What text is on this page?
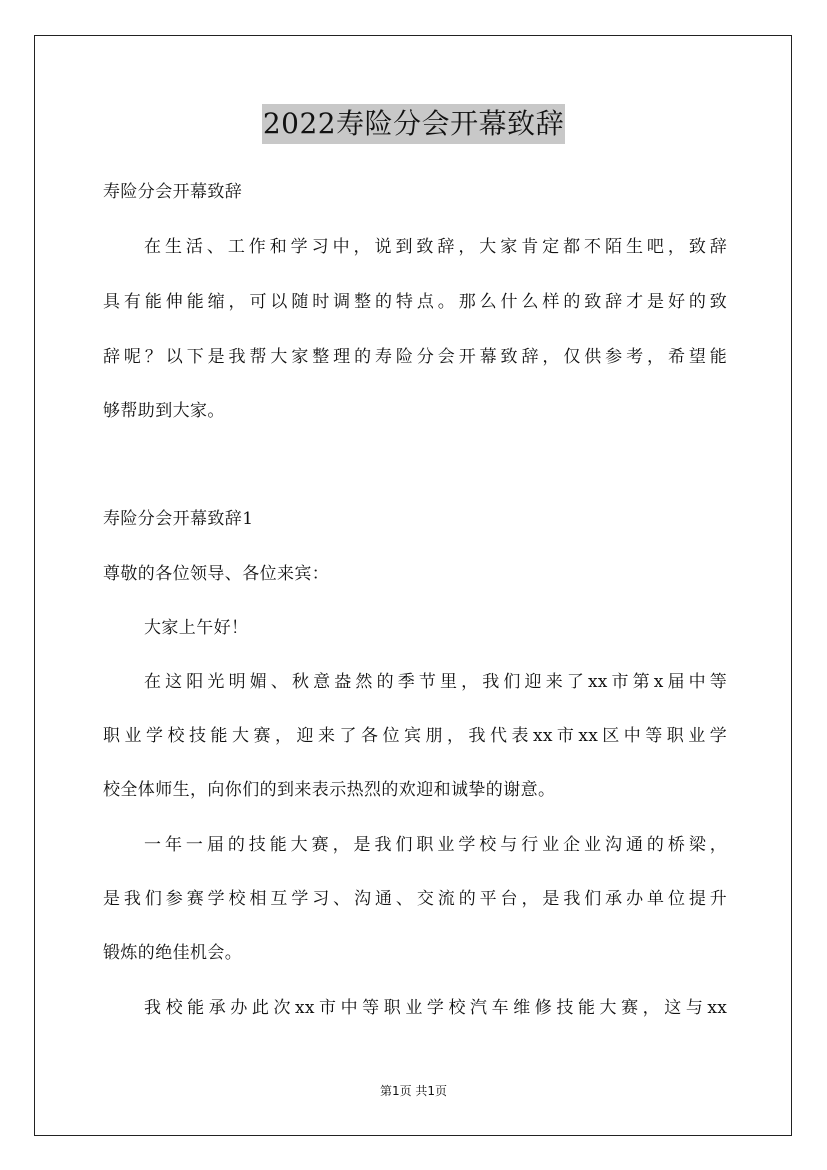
2022寿险分会开幕致辞
寿险分会开幕致辞
在生活、工作和学习中，说到致辞，大家肯定都不陌生吧，致辞
具有能伸能缩，可以随时调整的特点。那么什么样的致辞才是好的致
辞呢？以下是我帮大家整理的寿险分会开幕致辞，仅供参考，希望能
够帮助到大家。
寿险分会开幕致辞1
尊敬的各位领导、各位来宾：
大家上午好！
在这阳光明媚、秋意盎然的季节里，我们迎来了xx市第x届中等
职业学校技能大赛，迎来了各位宾朋，我代表xx市xx区中等职业学
校全体师生，向你们的到来表示热烈的欢迎和诚挚的谢意。
一年一届的技能大赛，是我们职业学校与行业企业沟通的桥梁，
是我们参赛学校相互学习、沟通、交流的平台，是我们承办单位提升
锻炼的绝佳机会。
我校能承办此次xx市中等职业学校汽车维修技能大赛，这与xx
第1页 共1页
